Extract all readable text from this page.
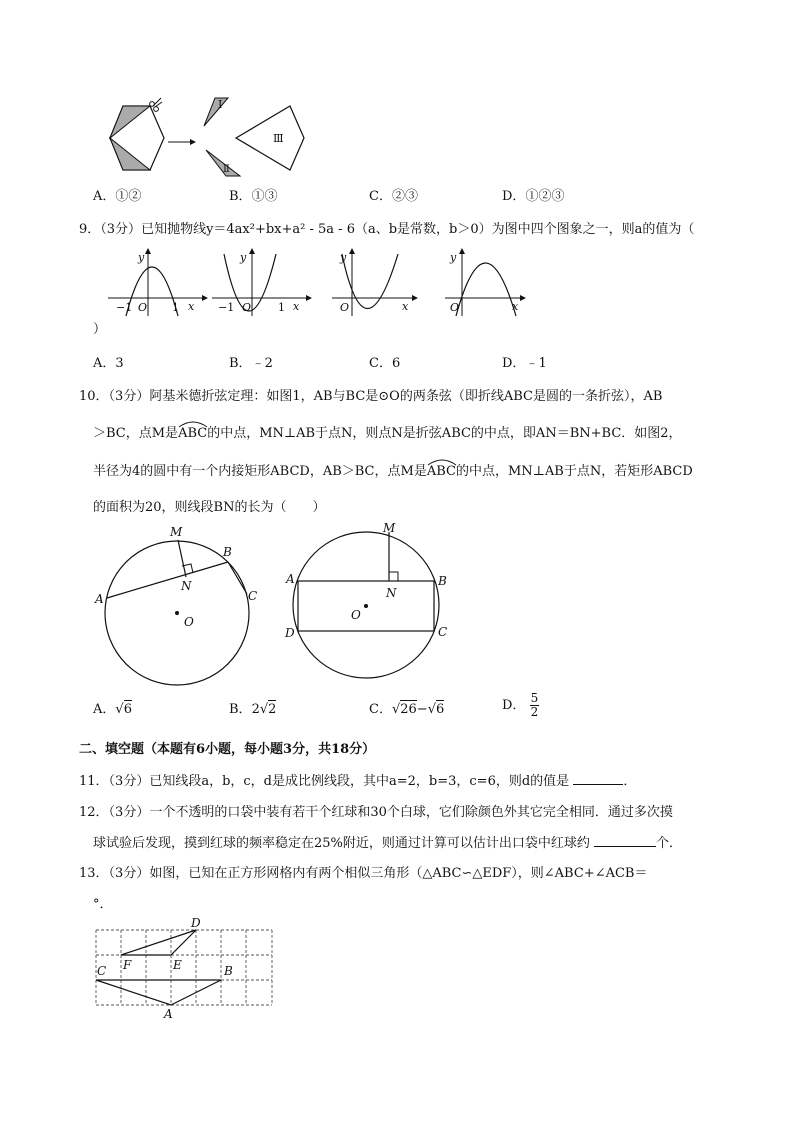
Ⅰ
Ⅱ
Ⅲ
A．①②	B．①③	C．②③	D．①②③
9．（3分）已知抛物线y＝4ax²+bx+a² - 5a - 6（a、b是常数，b＞0）为图中四个图象之一，则a的值为（
y
−1 O 1 x
y
−1 O 1 x
y
O	x
y
O	x
）
A．3	B．﹣2	C．6	D．﹣1
10．（3分）阿基米德折弦定理：如图1，AB与BC是⊙O的两条弦（即折线ABC是圆的一条折弦），AB
＞BC，点M是ABC
的中点，MN⊥AB于点N，则点N是折弦ABC的中点，即AN＝BN+BC．如图2，
半径为4的圆中有一个内接矩形ABCD，AB＞BC，点M是ABC
的中点，MN⊥AB于点N，若矩形ABCD
的面积为20，则线段BN的长为（　　）
M
B
N
A	C
O
M
A	B
N
O
D	C
A．√6	B．2√2	C．√26−√6	D． $\frac{5}{2}$
二、填空题（本题有6小题，每小题3分，共18分）
11．（3分）已知线段a，b，c，d是成比例线段，其中a=2，b=3，c=6，则d的值是	．
12．（3分）一个不透明的口袋中装有若干个红球和30个白球，它们除颜色外其它完全相同．通过多次摸
球试验后发现，摸到红球的频率稳定在25%附近，则通过计算可以估计出口袋中红球约	个．
13．（3分）如图，已知在正方形网格内有两个相似三角形（△ABC∽△EDF），则∠ABC+∠ACB＝
°．
D
F	E
C	B
A
